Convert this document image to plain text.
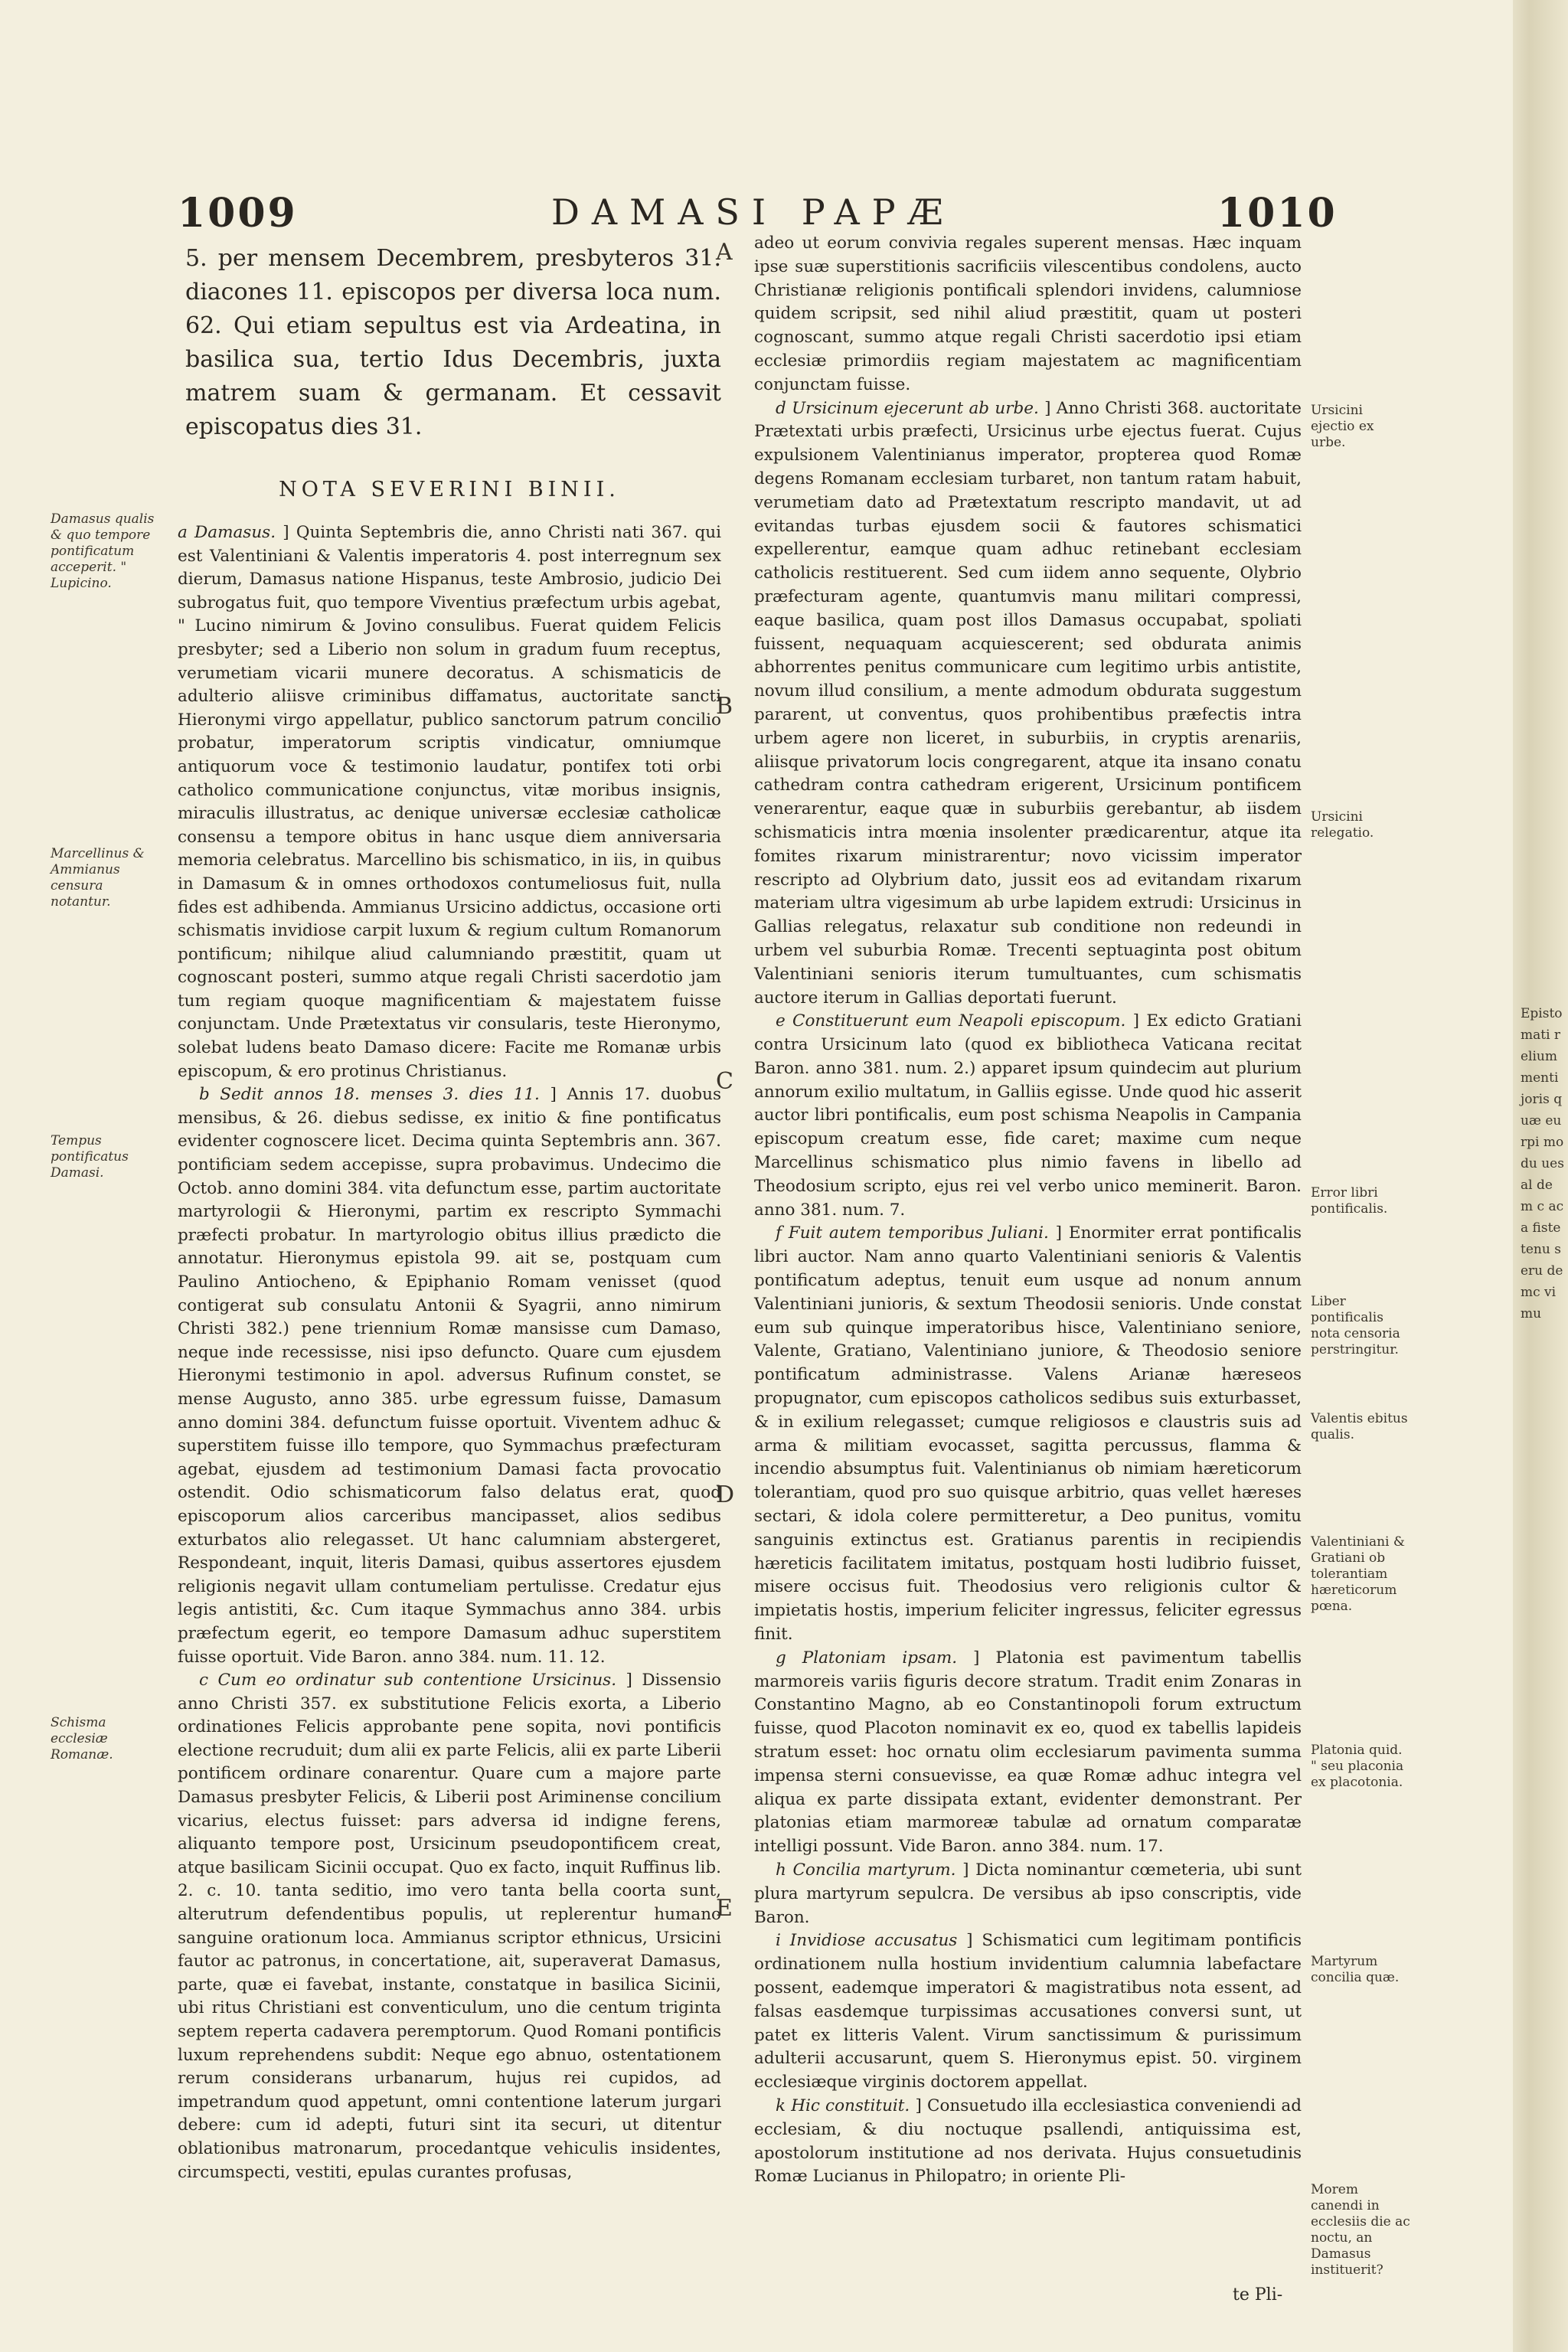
1009	DAMASI PAPÆ	1010

5. per mensem Decembrem, presbyteros 31. diacones 11. episcopos per diversa loca num. 62. Qui etiam sepultus est via Ardeatina, in basilica sua, tertio Idus Decembris, juxta matrem suam & germanam. Et cessavit episcopatus dies 31.

NOTA SEVERINI BINII.

a Damasus. ] Quinta Septembris die, anno Christi nati 367. qui est Valentiniani & Valentis imperatoris 4. post interregnum sex dierum, Damasus natione Hispanus, teste Ambrosio, judicio Dei subrogatus fuit, quo tempore Viventius præfectum urbis agebat, " Lucino nimirum & Jovino consulibus. Fuerat quidem Felicis presbyter; sed a Liberio non solum in gradum fuum receptus, verumetiam vicarii munere decoratus. A schismaticis de adulterio aliisve criminibus diffamatus, auctoritate sancti Hieronymi virgo appellatur, publico sanctorum patrum concilio probatur, imperatorum scriptis vindicatur, omniumque antiquorum voce & testimonio laudatur, pontifex toti orbi catholico communicatione conjunctus, vitæ moribus insignis, miraculis illustratus, ac denique universæ ecclesiæ catholicæ consensu a tempore obitus in hanc usque diem anniversaria memoria celebratus. Marcellino bis schismatico, in iis, in quibus in Damasum & in omnes orthodoxos contumeliosus fuit, nulla fides est adhibenda. Ammianus Ursicino addictus, occasione orti schismatis invidiose carpit luxum & regium cultum Romanorum pontificum; nihilque aliud calumniando præstitit, quam ut cognoscant posteri, summo atque regali Christi sacerdotio jam tum regiam quoque magnificentiam & majestatem fuisse conjunctam. Unde Prætextatus vir consularis, teste Hieronymo, solebat ludens beato Damaso dicere: Facite me Romanæ urbis episcopum, & ero protinus Christianus.

b Sedit annos 18. menses 3. dies 11. ] Annis 17. duobus mensibus, & 26. diebus sedisse, ex initio & fine pontificatus evidenter cognoscere licet. Decima quinta Septembris ann. 367. pontificiam sedem accepisse, supra probavimus. Undecimo die Octob. anno domini 384. vita defunctum esse, partim auctoritate martyrologii & Hieronymi, partim ex rescripto Symmachi præfecti probatur. In martyrologio obitus illius prædicto die annotatur. Hieronymus epistola 99. ait se, postquam cum Paulino Antiocheno, & Epiphanio Romam venisset (quod contigerat sub consulatu Antonii & Syagrii, anno nimirum Christi 382.) pene triennium Romæ mansisse cum Damaso, neque inde recessisse, nisi ipso defuncto. Quare cum ejusdem Hieronymi testimonio in apol. adversus Rufinum constet, se mense Augusto, anno 385. urbe egressum fuisse, Damasum anno domini 384. defunctum fuisse oportuit. Viventem adhuc & superstitem fuisse illo tempore, quo Symmachus præfecturam agebat, ejusdem ad testimonium Damasi facta provocatio ostendit. Odio schismaticorum falso delatus erat, quod episcoporum alios carceribus mancipasset, alios sedibus exturbatos alio relegasset. Ut hanc calumniam abstergeret, Respondeant, inquit, literis Damasi, quibus assertores ejusdem religionis negavit ullam contumeliam pertulisse. Credatur ejus legis antistiti, &c. Cum itaque Symmachus anno 384. urbis præfectum egerit, eo tempore Damasum adhuc superstitem fuisse oportuit. Vide Baron. anno 384. num. 11. 12.

c Cum eo ordinatur sub contentione Ursicinus. ] Dissensio anno Christi 357. ex substitutione Felicis exorta, a Liberio ordinationes Felicis approbante pene sopita, novi pontificis electione recruduit; dum alii ex parte Felicis, alii ex parte Liberii pontificem ordinare conarentur. Quare cum a majore parte Damasus presbyter Felicis, & Liberii post Ariminense concilium vicarius, electus fuisset: pars adversa id indigne ferens, aliquanto tempore post, Ursicinum pseudopontificem creat, atque basilicam Sicinii occupat. Quo ex facto, inquit Ruffinus lib. 2. c. 10. tanta seditio, imo vero tanta bella coorta sunt, alterutrum defendentibus populis, ut replerentur humano sanguine orationum loca. Ammianus scriptor ethnicus, Ursicini fautor ac patronus, in concertatione, ait, superaverat Damasus, parte, quæ ei favebat, instante, constatque in basilica Sicinii, ubi ritus Christiani est conventiculum, uno die centum triginta septem reperta cadavera peremptorum. Quod Romani pontificis luxum reprehendens subdit: Neque ego abnuo, ostentationem rerum considerans urbanarum, hujus rei cupidos, ad impetrandum quod appetunt, omni contentione laterum jurgari debere: cum id adepti, futuri sint ita securi, ut ditentur oblationibus matronarum, procedantque vehiculis insidentes, circumspecti, vestiti, epulas curantes profusas,

adeo ut eorum convivia regales superent mensas. Hæc inquam ipse suæ superstitionis sacrificiis vilescentibus condolens, aucto Christianæ religionis pontificali splendori invidens, calumniose quidem scripsit, sed nihil aliud præstitit, quam ut posteri cognoscant, summo atque regali Christi sacerdotio ipsi etiam ecclesiæ primordiis regiam majestatem ac magnificentiam conjunctam fuisse.

d Ursicinum ejecerunt ab urbe. ] Anno Christi 368. auctoritate Prætextati urbis præfecti, Ursicinus urbe ejectus fuerat. Cujus expulsionem Valentinianus imperator, propterea quod Romæ degens Romanam ecclesiam turbaret, non tantum ratam habuit, verumetiam dato ad Prætextatum rescripto mandavit, ut ad evitandas turbas ejusdem socii & fautores schismatici expellerentur, eamque quam adhuc retinebant ecclesiam catholicis restituerent. Sed cum iidem anno sequente, Olybrio præfecturam agente, quantumvis manu militari compressi, eaque basilica, quam post illos Damasus occupabat, spoliati fuissent, nequaquam acquiescerent; sed obdurata animis abhorrentes penitus communicare cum legitimo urbis antistite, novum illud consilium, a mente admodum obdurata suggestum pararent, ut conventus, quos prohibentibus præfectis intra urbem agere non liceret, in suburbiis, in cryptis arenariis, aliisque privatorum locis congregarent, atque ita insano conatu cathedram contra cathedram erigerent, Ursicinum pontificem venerarentur, eaque quæ in suburbiis gerebantur, ab iisdem schismaticis intra mœnia insolenter prædicarentur, atque ita fomites rixarum ministrarentur; novo vicissim imperator rescripto ad Olybrium dato, jussit eos ad evitandam rixarum materiam ultra vigesimum ab urbe lapidem extrudi: Ursicinus in Gallias relegatus, relaxatur sub conditione non redeundi in urbem vel suburbia Romæ. Trecenti septuaginta post obitum Valentiniani senioris iterum tumultuantes, cum schismatis auctore iterum in Gallias deportati fuerunt.

e Constituerunt eum Neapoli episcopum. ] Ex edicto Gratiani contra Ursicinum lato (quod ex bibliotheca Vaticana recitat Baron. anno 381. num. 2.) apparet ipsum quindecim aut plurium annorum exilio multatum, in Galliis egisse. Unde quod hic asserit auctor libri pontificalis, eum post schisma Neapolis in Campania episcopum creatum esse, fide caret; maxime cum neque Marcellinus schismatico plus nimio favens in libello ad Theodosium scripto, ejus rei vel verbo unico meminerit. Baron. anno 381. num. 7.

f Fuit autem temporibus Juliani. ] Enormiter errat pontificalis libri auctor. Nam anno quarto Valentiniani senioris & Valentis pontificatum adeptus, tenuit eum usque ad nonum annum Valentiniani junioris, & sextum Theodosii senioris. Unde constat eum sub quinque imperatoribus hisce, Valentiniano seniore, Valente, Gratiano, Valentiniano juniore, & Theodosio seniore pontificatum administrasse. Valens Arianæ hæreseos propugnator, cum episcopos catholicos sedibus suis exturbasset, & in exilium relegasset; cumque religiosos e claustris suis ad arma & militiam evocasset, sagitta percussus, flamma & incendio absumptus fuit. Valentinianus ob nimiam hæreticorum tolerantiam, quod pro suo quisque arbitrio, quas vellet hæreses sectari, & idola colere permitteretur, a Deo punitus, vomitu sanguinis extinctus est. Gratianus parentis in recipiendis hæreticis facilitatem imitatus, postquam hosti ludibrio fuisset, misere occisus fuit. Theodosius vero religionis cultor & impietatis hostis, imperium feliciter ingressus, feliciter egressus finit.

g Platoniam ipsam. ] Platonia est pavimentum tabellis marmoreis variis figuris decore stratum. Tradit enim Zonaras in Constantino Magno, ab eo Constantinopoli forum extructum fuisse, quod Placoton nominavit ex eo, quod ex tabellis lapideis stratum esset: hoc ornatu olim ecclesiarum pavimenta summa impensa sterni consuevisse, ea quæ Romæ adhuc integra vel aliqua ex parte dissipata extant, evidenter demonstrant. Per platonias etiam marmoreæ tabulæ ad ornatum comparatæ intelligi possunt. Vide Baron. anno 384. num. 17.

h Concilia martyrum. ] Dicta nominantur cœmeteria, ubi sunt plura martyrum sepulcra. De versibus ab ipso conscriptis, vide Baron.

i Invidiose accusatus ] Schismatici cum legitimam pontificis ordinationem nulla hostium invidentium calumnia labefactare possent, eademque imperatori & magistratibus nota essent, ad falsas easdemque turpissimas accusationes conversi sunt, ut patet ex litteris Valent. Virum sanctissimum & purissimum adulterii accusarunt, quem S. Hieronymus epist. 50. virginem ecclesiæque virginis doctorem appellat.

k Hic constituit. ] Consuetudo illa ecclesiastica conveniendi ad ecclesiam, & diu noctuque psallendi, antiquissima est, apostolorum institutione ad nos derivata. Hujus consuetudinis Romæ Lucianus in Philopatro; in oriente Pli-

A
B
C
D
E
Damasus qualis & quo tempore pontificatum acceperit. " Lupicino.
Marcellinus & Ammianus censura notantur.
Tempus pontificatus Damasi.
Schisma ecclesiæ Romanæ.
Ursicini ejectio ex urbe.
Ursicini relegatio.
Error libri pontificalis.
Liber pontificalis nota censoria perstringitur.
Valentis ebitus qualis.
Valentiniani & Gratiani ob tolerantiam hæreticorum pœna.
Platonia quid. " seu placonia ex placotonia.
Martyrum concilia quæ.
Morem canendi in ecclesiis die ac noctu, an Damasus instituerit?
te Pli-
Episto mati relium menti joris quæ eurpi modu ues al dem c ac a fiste tenu seru demc vimu
